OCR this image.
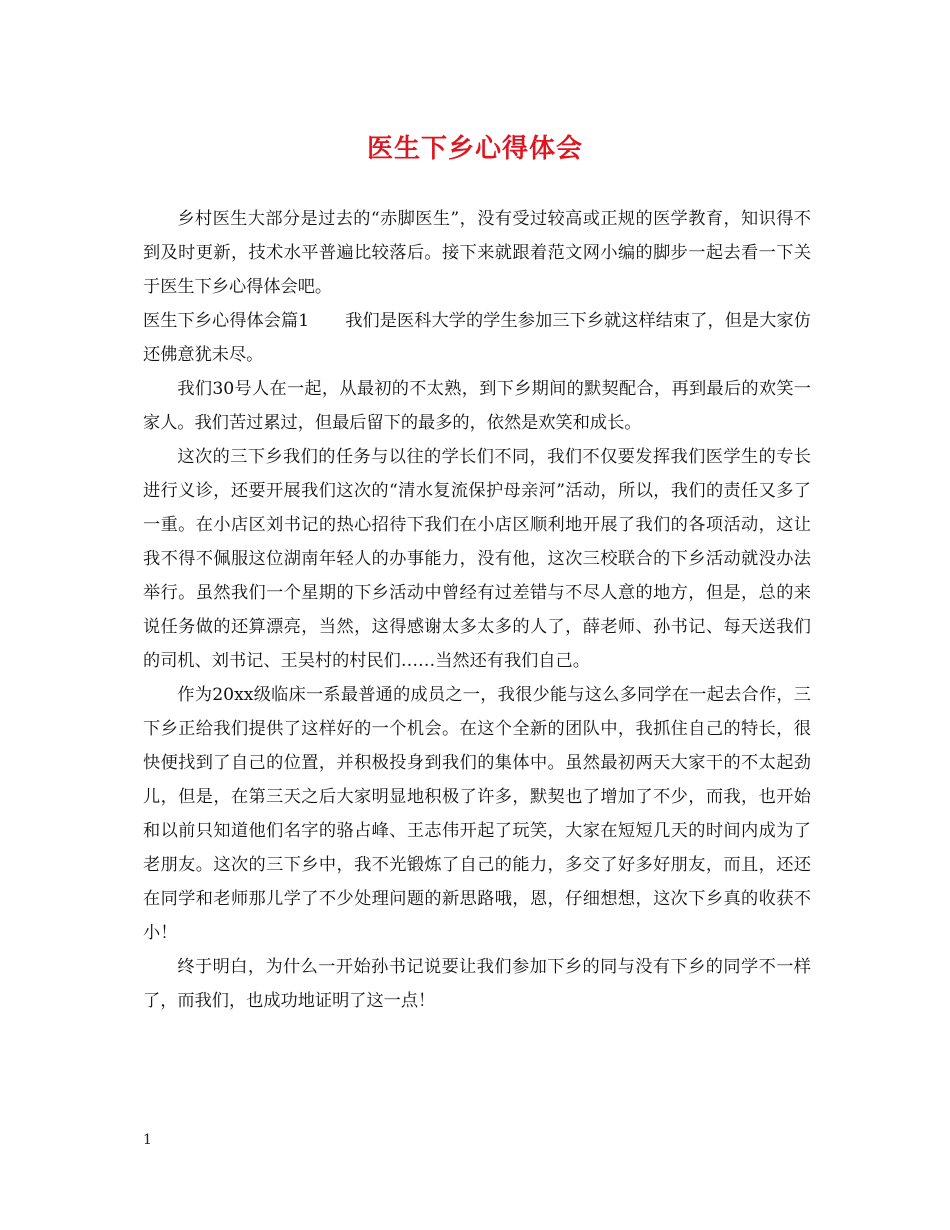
医生下乡心得体会

乡村医生大部分是过去的“赤脚医生”，没有受过较高或正规的医学教育，知识得不到及时更新，技术水平普遍比较落后。接下来就跟着范文网小编的脚步一起去看一下关于医生下乡心得体会吧。

医生下乡心得体会篇1 我们是医科大学的学生参加三下乡就这样结束了，但是大家仿还佛意犹未尽。

我们30号人在一起，从最初的不太熟，到下乡期间的默契配合，再到最后的欢笑一家人。我们苦过累过，但最后留下的最多的，依然是欢笑和成长。

这次的三下乡我们的任务与以往的学长们不同，我们不仅要发挥我们医学生的专长进行义诊，还要开展我们这次的“清水复流保护母亲河”活动，所以，我们的责任又多了一重。在小店区刘书记的热心招待下我们在小店区顺利地开展了我们的各项活动，这让我不得不佩服这位湖南年轻人的办事能力，没有他，这次三校联合的下乡活动就没办法举行。虽然我们一个星期的下乡活动中曾经有过差错与不尽人意的地方，但是，总的来说任务做的还算漂亮，当然，这得感谢太多太多的人了，薛老师、孙书记、每天送我们的司机、刘书记、王吴村的村民们……当然还有我们自己。

作为20xx级临床一系最普通的成员之一，我很少能与这么多同学在一起去合作，三下乡正给我们提供了这样好的一个机会。在这个全新的团队中，我抓住自己的特长，很快便找到了自己的位置，并积极投身到我们的集体中。虽然最初两天大家干的不太起劲儿，但是，在第三天之后大家明显地积极了许多，默契也了增加了不少，而我，也开始和以前只知道他们名字的骆占峰、王志伟开起了玩笑，大家在短短几天的时间内成为了老朋友。这次的三下乡中，我不光锻炼了自己的能力，多交了好多好朋友，而且，还还在同学和老师那儿学了不少处理问题的新思路哦，恩，仔细想想，这次下乡真的收获不小！

终于明白，为什么一开始孙书记说要让我们参加下乡的同与没有下乡的同学不一样了，而我们，也成功地证明了这一点！

1
